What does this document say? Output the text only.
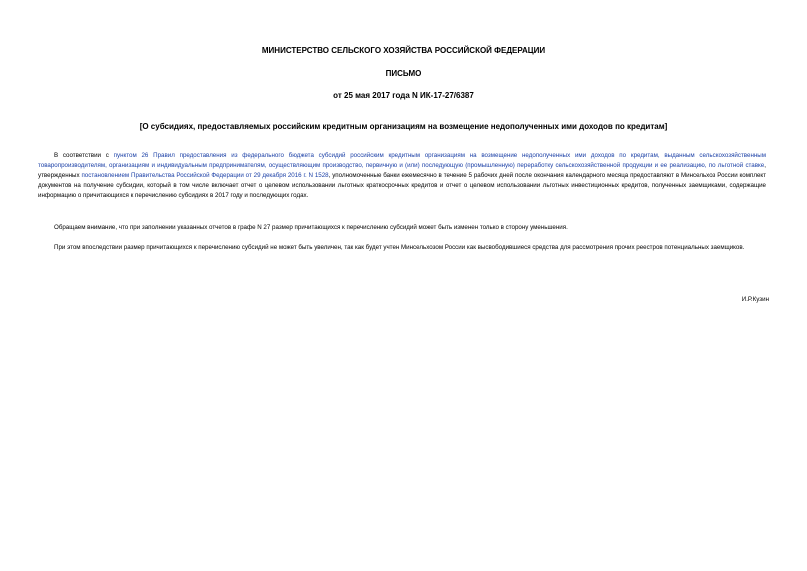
МИНИСТЕРСТВО СЕЛЬСКОГО ХОЗЯЙСТВА РОССИЙСКОЙ ФЕДЕРАЦИИ
ПИСЬМО
от 25 мая 2017 года N ИК-17-27/6387
[О субсидиях, предоставляемых российским кредитным организациям на возмещение недополученных ими доходов по кредитам]

В соответствии с пунктом 26 Правил предоставления из федерального бюджета субсидий российским кредитным организациям на возмещение недополученных ими доходов по кредитам, выданным сельскохозяйственным товаропроизводителям, организациям и индивидуальным предпринимателям, осуществляющим производство, первичную и (или) последующую (промышленную) переработку сельскохозяйственной продукции и ее реализацию, по льготной ставке, утвержденных постановлением Правительства Российской Федерации от 29 декабря 2016 г. N 1528, уполномоченные банки ежемесячно в течение 5 рабочих дней после окончания календарного месяца предоставляют в Минсельхоз России комплект документов на получение субсидии, который в том числе включает отчет о целевом использовании льготных краткосрочных кредитов и отчет о целевом использовании льготных инвестиционных кредитов, полученных заемщиками, содержащие информацию о причитающихся к перечислению субсидиях в 2017 году и последующих годах.

Обращаем внимание, что при заполнении указанных отчетов в графе N 27 размер причитающихся к перечислению субсидий может быть изменен только в сторону уменьшения.

При этом впоследствии размер причитающихся к перечислению субсидий не может быть увеличен, так как будет учтен Минсельхозом России как высвободившиеся средства для рассмотрения прочих реестров потенциальных заемщиков.

И.Р.Кузин
